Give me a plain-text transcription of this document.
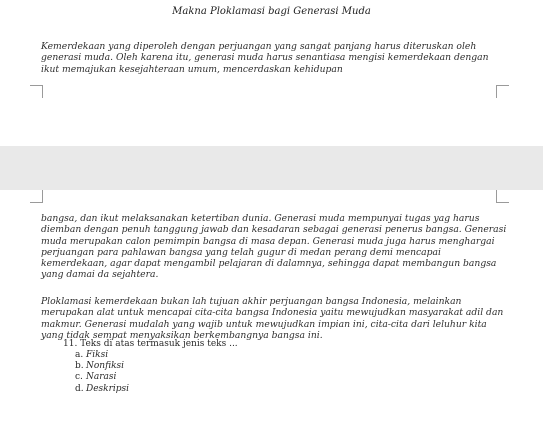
Makna Ploklamasi bagi Generasi Muda

Kemerdekaan yang diperoleh dengan perjuangan yang sangat panjang harus diteruskan oleh generasi muda. Oleh karena itu, generasi muda harus senantiasa mengisi kemerdekaan dengan ikut memajukan kesejahteraan umum, mencerdaskan kehidupan

bangsa, dan ikut melaksanakan ketertiban dunia. Generasi muda mempunyai tugas yag harus diemban dengan penuh tanggung jawab dan kesadaran sebagai generasi penerus bangsa. Generasi muda merupakan calon pemimpin bangsa di masa depan. Generasi muda juga harus menghargai perjuangan para pahlawan bangsa yang telah gugur di medan perang demi mencapai kemerdekaan, agar dapat mengambil pelajaran di dalamnya, sehingga dapat membangun bangsa yang damai da sejahtera.

Ploklamasi kemerdekaan bukan lah tujuan akhir perjuangan bangsa Indonesia, melainkan merupakan alat untuk mencapai cita-cita bangsa Indonesia yaitu mewujudkan masyarakat adil dan makmur. Generasi mudalah yang wajib untuk mewujudkan impian ini, cita-cita dari leluhur kita yang tidak sempat menyaksikan berkembangnya bangsa ini.

11. Teks di atas termasuk jenis teks ...
a. Fiksi
b. Nonfiksi
c. Narasi
d. Deskripsi
